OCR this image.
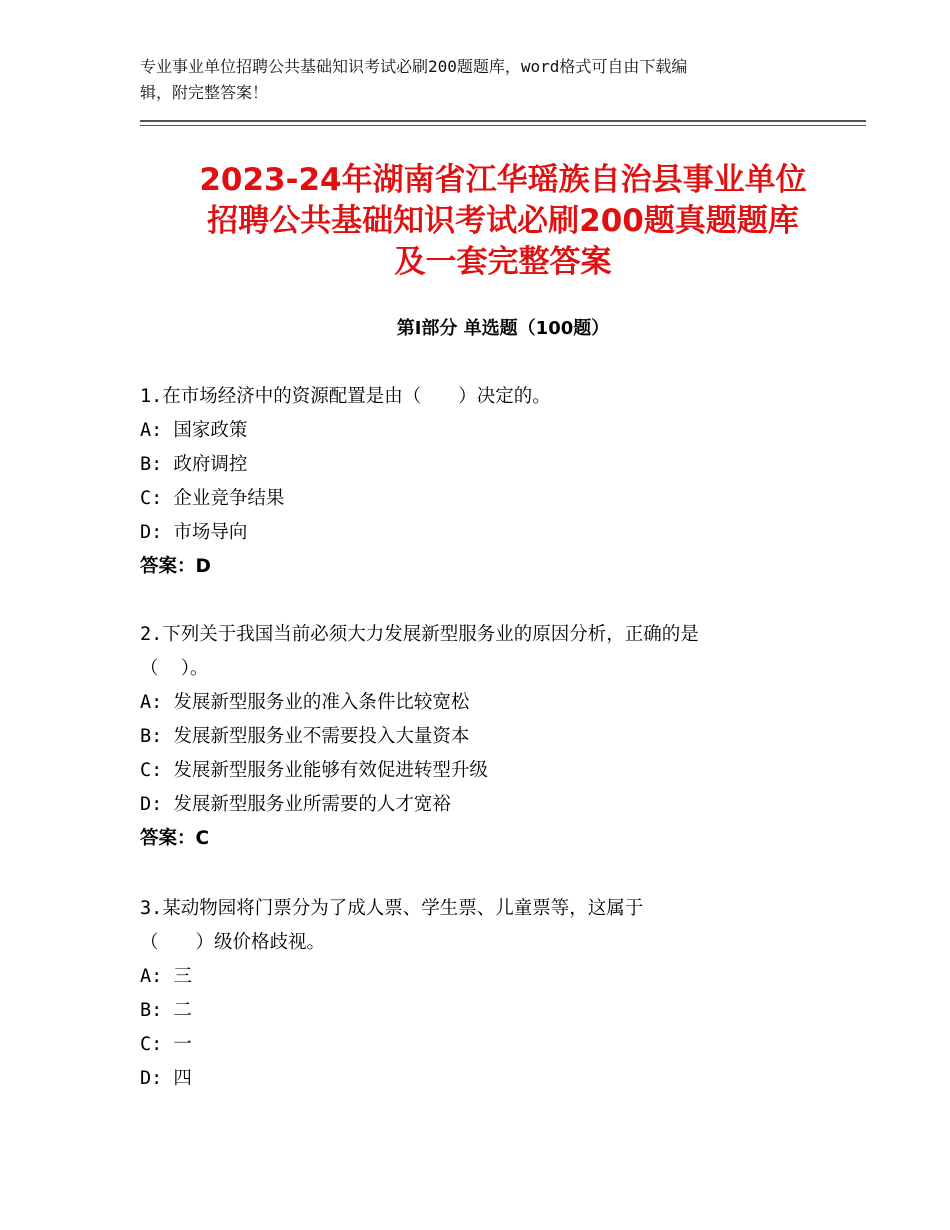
专业事业单位招聘公共基础知识考试必刷200题题库，word格式可自由下载编
辑，附完整答案！
2023-24年湖南省江华瑶族自治县事业单位
招聘公共基础知识考试必刷200题真题题库
及一套完整答案
第Ⅰ部分 单选题（100题）
1.在市场经济中的资源配置是由（　　）决定的。
A: 国家政策
B: 政府调控
C: 企业竞争结果
D: 市场导向
答案：D
2.下列关于我国当前必须大力发展新型服务业的原因分析，正确的是
（  ）。
A: 发展新型服务业的准入条件比较宽松
B: 发展新型服务业不需要投入大量资本
C: 发展新型服务业能够有效促进转型升级
D: 发展新型服务业所需要的人才宽裕
答案：C
3.某动物园将门票分为了成人票、学生票、儿童票等，这属于
（　　）级价格歧视。
A: 三
B: 二
C: 一
D: 四
